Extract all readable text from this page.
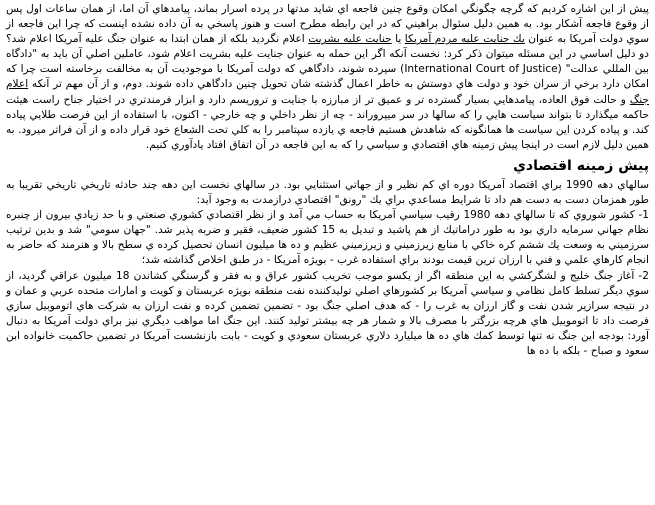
پيش از اين اشاره كرديم كه گرچه چگونگي امكان وقوع چنين فاجعه اي شايد مدتها در پرده اسرار بماند، پيامدهاي آن اما، از همان ساعات اول پس از وقوع فاجعه آشكار بود. به همين دليل سئوال براهيني كه در اين رابطه مطرح است و هنوز پاسخي به آن داده نشده اينست كه چرا اين فاجعه از سوي دولت آمريكا به عنوان يك جنايت عليه مردم آمريكا يا جنايت عليه بشريت اعلام نگرديد بلكه از همان ابتدا به عنوان جنگ عليه آمريكا اعلام شد؟ دو دليل اساسي در اين مسئله ميتوان ذكر كرد: نخست آنكه اگر اين حمله به عنوان جنايت عليه بشريت اعلام شود، عاملين اصلي آن بايد به "دادگاه بين المللي عدالت" (International Court of Justice) سپرده شوند، دادگاهي كه دولت آمريكا با موجوديت آن به مخالفت برخاسته است چرا كه امكان دارد برخي از سران خود و دولت هاي دوستش به خاطر اعمال گذشته شان تحويل چنين دادگاهي داده شوند. دوم، و از آن مهم تر آنكه اعلام جنگ و حالت فوق العاده، پيامدهايي بسيار گسترده تر و عميق تر از مبارزه با جنايت و تروريسم دارد و ابزار فرمندتري در اختيار جناح راست هيئت حاكمه ميگذارد تا بتواند سياست هايي را كه سالها در سر ميپروراند - چه از نظر داخلي و چه خارجي - اكنون، با استفاده از اين فرصت طلايي پياده كند. و پياده كردن اين سياست ها همانگونه كه شاهدش هستيم فاجعه ي يازده سپتامبر را به كلي تحت الشعاع خود قرار داده و از آن فراتر ميرود. به همين دليل لازم است در اينجا پيش زمينه هاي اقتصادي و سياسي را كه به اين فاجعه در آن اتفاق افتاد يادآوري كنيم.

پيش زمينه اقتصادي

سالهاي دهه 1990 براي اقتصاد آمريكا دوره اي كم نظير و از جهاتي استثنايي بود. در سالهاي نخست اين دهه چند حادثه تاريخي تاريخي تقريبا به طور همزمان دست به دست هم داد تا شرايط مساعدي براي يك "رونق" اقتصادي درازمدت به وجود آيد:

1- كشور شوروي كه تا سالهاي دهه 1980 رقيب سياسي آمريكا به حساب مي آمد و از نظر اقتصادي كشوري صنعتي و با حد زيادي بيرون از چنبره نظام جهاني سرمايه داري بود به طور دراماتيك از هم پاشيد و تبديل به 15 كشور ضعيف، فقير و ضربه پذير شد. "جهان سومي" شد و بدين ترتيب سرزميني به وسعت يك ششم كره خاكي با منابع زيرزميني و زيرزميني عظيم و ده ها ميليون انسان تحصيل كرده ي سطح بالا و هنرمند كه حاضر به انجام كارهاي علمي و فني با ارزان ترين قيمت بودند براي استفاده غرب - بويژه آمريكا - در طبق اخلاص گذاشته شد؛

2- آغاز جنگ خليج و لشگركشي به اين منطقه اگر از يكسو موجب تخريب كشور عراق و به فقر و گرسنگي كشاندن 18 ميليون عراقي گرديد، از سوي ديگر تسلط كامل نظامي و سياسي آمريكا بر كشورهاي اصلي توليدكننده نفت منطقه بويژه عربستان و كويت و امارات متحده عربي و عمان و در نتيجه سرازير شدن نفت و گاز ارزان به غرب را - كه هدف اصلي جنگ بود - تضمين تضمين كرده و نفت ارزان به شركت هاي اتوموبيل سازي فرصت داد تا اتوموبيل هاي هرچه بزرگتر با مصرف بالا و شمار هر چه بيشتر توليد كنند. اين جنگ اما مواهب ديگري نيز براي دولت آمريكا به دنبال آورد: بودجه اين جنگ نه تنها توسط كمك هاي ده ها ميليارد دلاري عربستان سعودي و كويت - بابت بازنشست آمريكا در تضمين حاكميت خانواده ابن سعود و صباح - بلكه با ده ها
